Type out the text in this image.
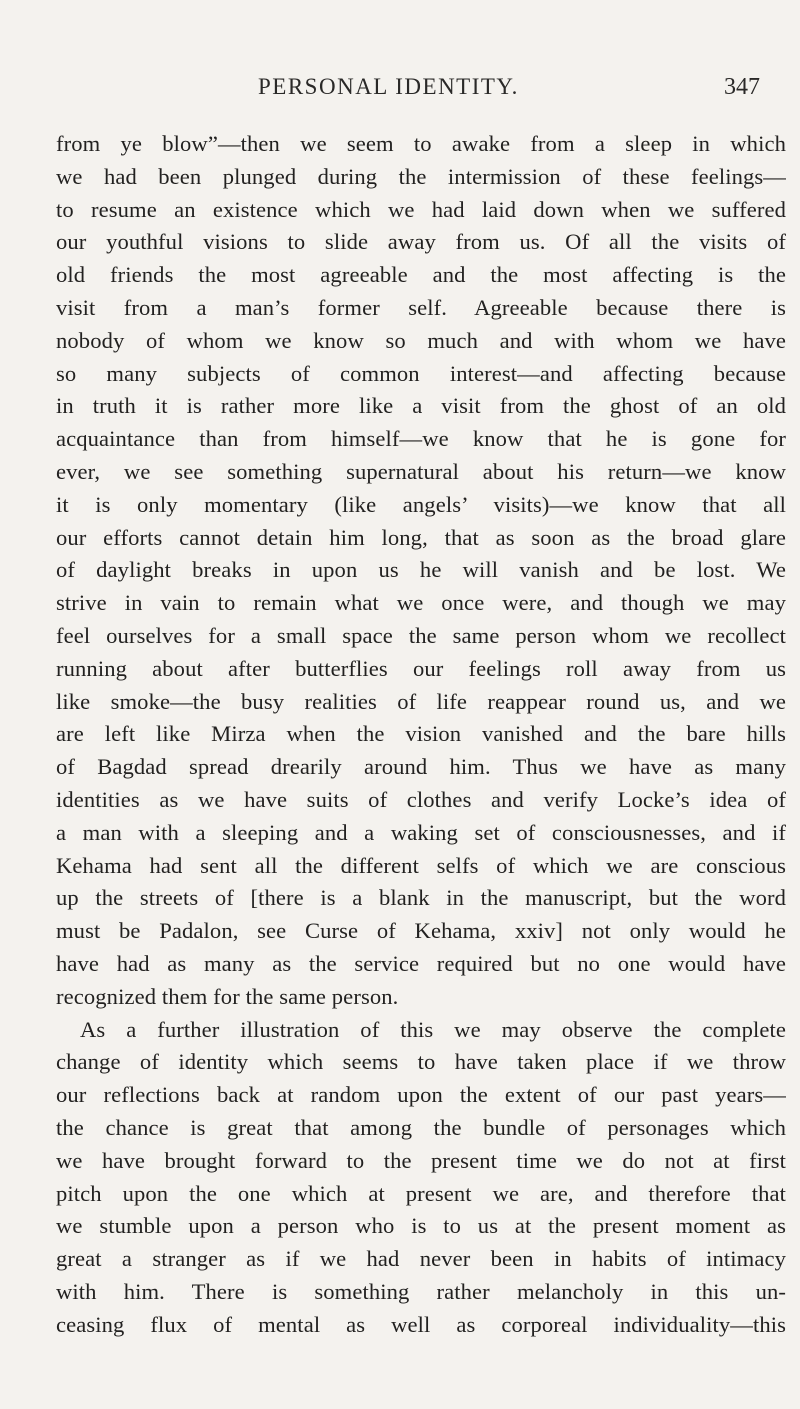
PERSONAL IDENTITY.	347
from ye blow”—then we seem to awake from a sleep in which
we had been plunged during the intermission of these feelings—
to resume an existence which we had laid down when we suffered
our youthful visions to slide away from us. Of all the visits of
old friends the most agreeable and the most affecting is the
visit from a man’s former self. Agreeable because there is
nobody of whom we know so much and with whom we have
so many subjects of common interest—and affecting because
in truth it is rather more like a visit from the ghost of an old
acquaintance than from himself—we know that he is gone for
ever, we see something supernatural about his return—we know
it is only momentary (like angels’ visits)—we know that all
our efforts cannot detain him long, that as soon as the broad glare
of daylight breaks in upon us he will vanish and be lost. We
strive in vain to remain what we once were, and though we may
feel ourselves for a small space the same person whom we recollect
running about after butterflies our feelings roll away from us
like smoke—the busy realities of life reappear round us, and we
are left like Mirza when the vision vanished and the bare hills
of Bagdad spread drearily around him. Thus we have as many
identities as we have suits of clothes and verify Locke’s idea of
a man with a sleeping and a waking set of consciousnesses, and if
Kehama had sent all the different selfs of which we are conscious
up the streets of [there is a blank in the manuscript, but the word
must be Padalon, see Curse of Kehama, xxiv] not only would he
have had as many as the service required but no one would have
recognized them for the same person.
As a further illustration of this we may observe the complete
change of identity which seems to have taken place if we throw
our reflections back at random upon the extent of our past years—
the chance is great that among the bundle of personages which
we have brought forward to the present time we do not at first
pitch upon the one which at present we are, and therefore that
we stumble upon a person who is to us at the present moment as
great a stranger as if we had never been in habits of intimacy
with him. There is something rather melancholy in this un-
ceasing flux of mental as well as corporeal individuality—this
